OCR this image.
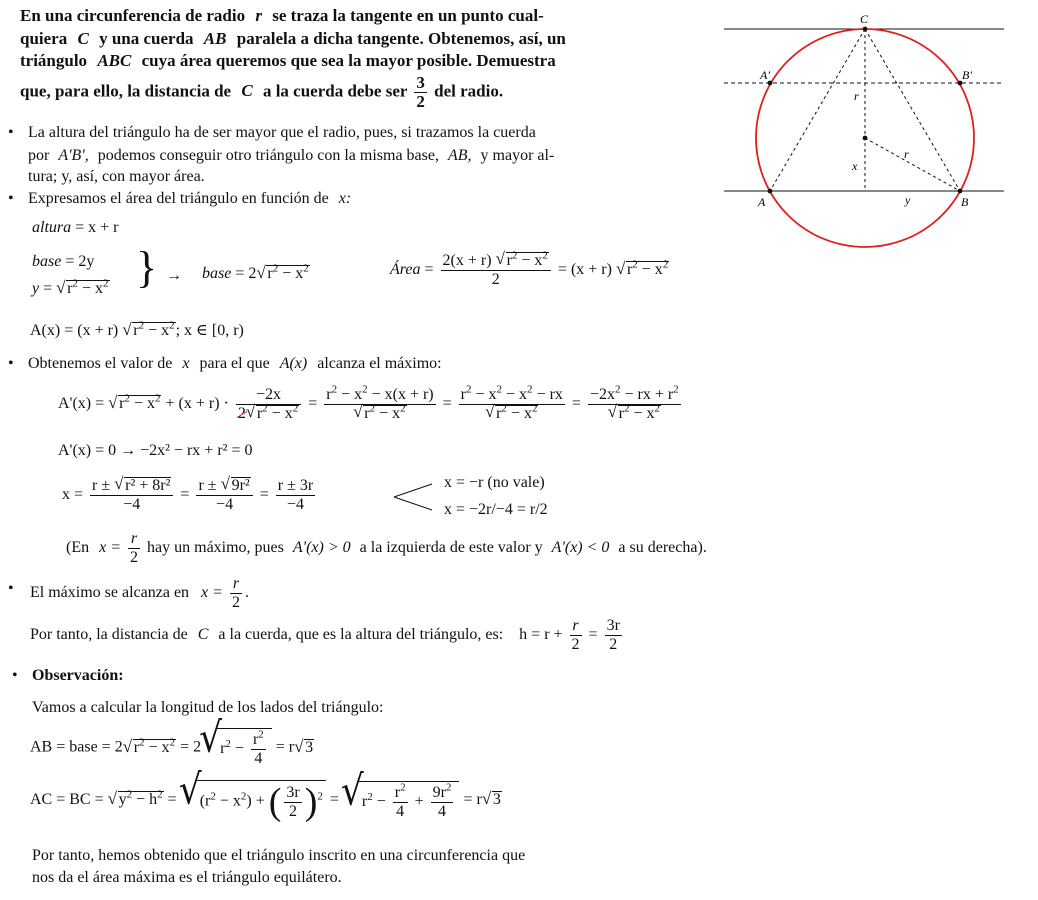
En una circunferencia de radio r se traza la tangente en un punto cual-
quiera C y una cuerda AB paralela a dicha tangente. Obtenemos, así, un
triángulo ABC cuya área queremos que sea la mayor posible. Demuestra
que, para ello, la distancia de C a la cuerda debe ser $\frac{3}{2}$ del radio.
C
A'	B'
A	B
r
r
x
y
• La altura del triángulo ha de ser mayor que el radio, pues, si trazamos la cuerda
por A'B', podemos conseguir otro triángulo con la misma base, AB, y mayor al-
tura; y, así, con mayor área.
• Expresamos el área del triángulo en función de x:
altura = x + r
base = 2y
y = √ $r^2 - x^2$ } → base = 2√ $r^2 - x^2$	Área = $\frac{2(x + r) √ r^2 - x^2}{2} = (x + r)$ √ $r^2 - x^2$
A(x) = (x + r) √ $r^2 - x^2$; x ∈ [0, r)
• Obtenemos el valor de x para el que A(x) alcanza el máximo:
A'(x) = √ $r^2 - x^2 + (x + r) \cdot \frac{-2x}{2√ r^2 - x^2} = r^2 - x^2 - x(x + r)$
√ $r^2 - x^2 = r^2 - x^2 - x^2$ − rx
√ $r^2 - x^2 = -2x^2$ − rx + $r^2$
√ $r^2 - x^2$
A'(x) = 0 → −2x² − rx + r² = 0
$x = \frac{\text{r ± √ r² + 8r²}}{-4} = \frac{\text{r ± √ 9r²}}{-4} = \frac{r \pm 3r}{-4}$	x = −r (no vale)
x = −2r/−4 = r/2
(En $x = \frac{r}{2}$ hay un máximo, pues A'(x) > 0 a la izquierda de este valor y A'(x) < 0 a su derecha).
• El máximo se alcanza en $x = \frac{r}{2}$ .
Por tanto, la distancia de C a la cuerda, que es la altura del triángulo, es: $h = r + \frac{r}{2} = \frac{3r}{2}$
• Observación:
Vamos a calcular la longitud de los lados del triángulo:
AB = base = 2√ $r^2 - x^2 = 2√$ $r^2 - \frac{r^2}{4} = r√$ 3
AC = BC = √ $y^2 - h^2$ = √ $(r^2 - x^2)$ + ( $\frac{3r}{2} )^2$ = √ $r^2 - \frac{r^2}{4} + \frac{9r^2}{4} = r√$ 3
Por tanto, hemos obtenido que el triángulo inscrito en una circunferencia que
nos da el área máxima es el triángulo equilátero.
